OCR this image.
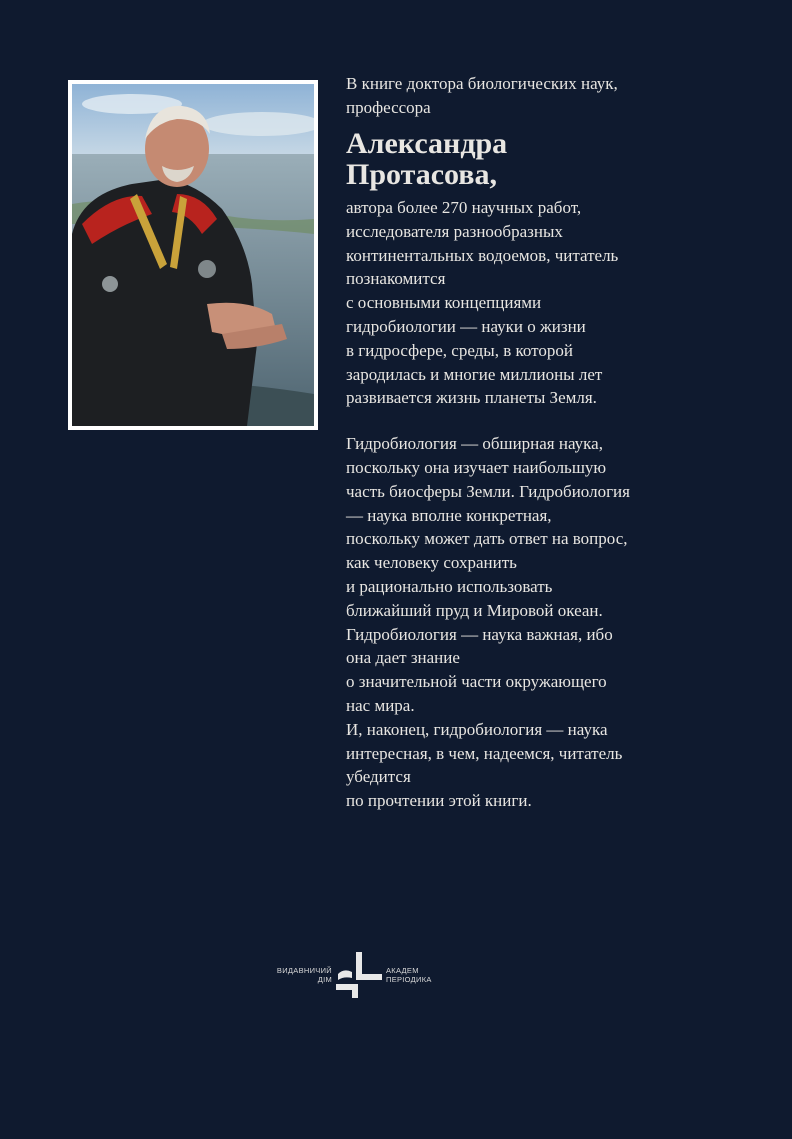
В книге доктора биологических наук,
профессора

Александра
Протасова,

автора более 270 научных работ,
исследователя разнообразных
континентальных водоемов, читатель
познакомится
с основными концепциями
гидробиологии — науки о жизни
в гидросфере, среды, в которой
зародилась и многие миллионы лет
развивается жизнь планеты Земля.

Гидробиология — обширная наука,
поскольку она изучает наибольшую
часть биосферы Земли. Гидробиология
— наука вполне конкретная,
поскольку может дать ответ на вопрос,
как человеку сохранить
и рационально использовать
ближайший пруд и Мировой океан.
Гидробиология — наука важная, ибо
она дает знание
о значительной части окружающего
нас мира.
И, наконец, гидробиология — наука
интересная, в чем, надеемся, читатель
убедится
по прочтении этой книги.

ВИДАВНИЧИЙ
ДІМ
АКАДЕМ
ПЕРІОДИКА
